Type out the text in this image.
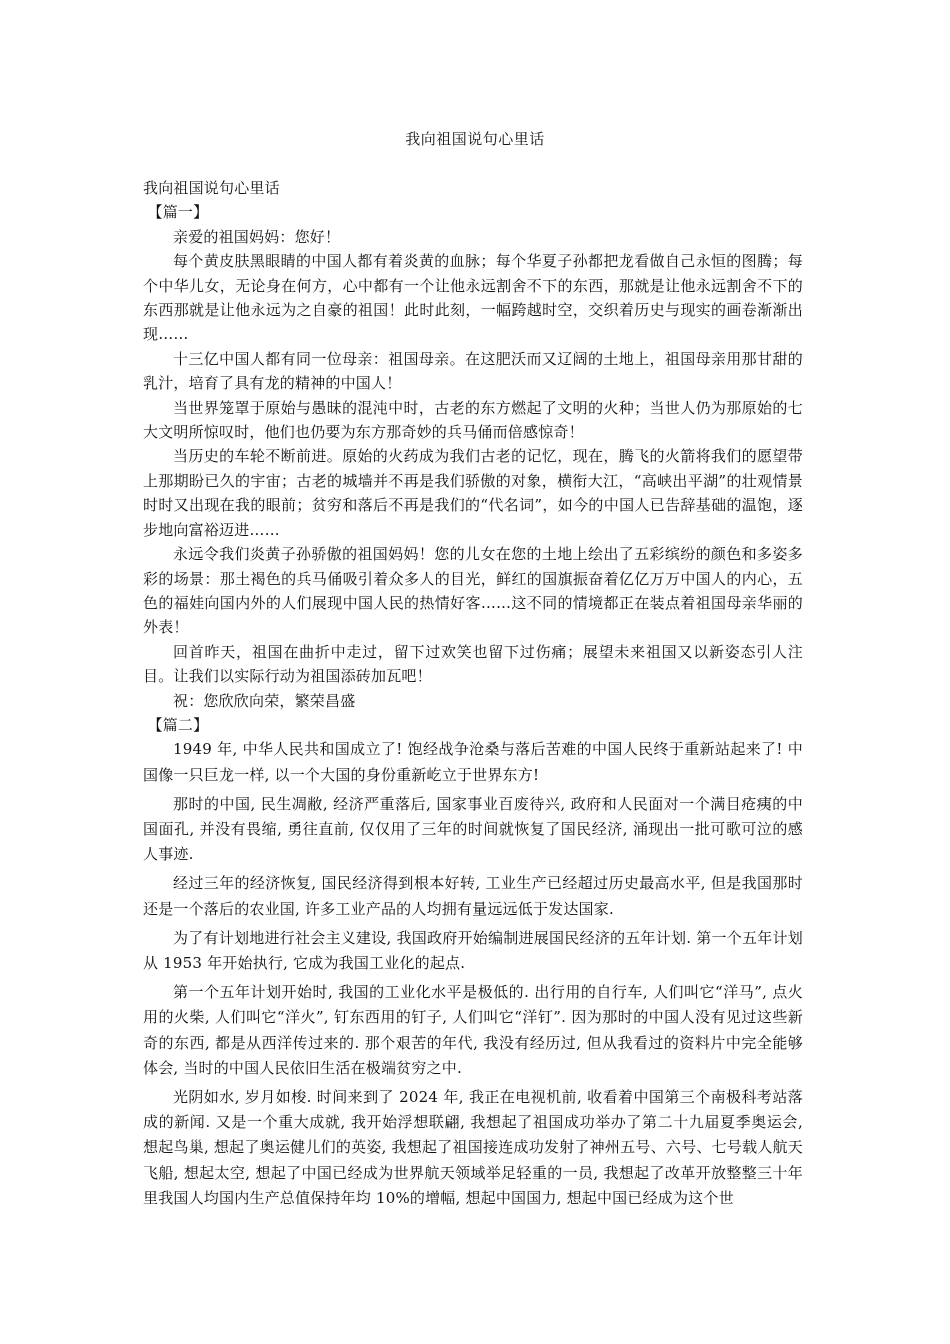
我向祖国说句心里话

我向祖国说句心里话

【篇一】

亲爱的祖国妈妈：您好！

每个黄皮肤黑眼睛的中国人都有着炎黄的血脉；每个华夏子孙都把龙看做自己永恒的图腾；每个中华儿女，无论身在何方，心中都有一个让他永远割舍不下的东西，那就是让他永远割舍不下的东西那就是让他永远为之自豪的祖国！此时此刻，一幅跨越时空，交织着历史与现实的画卷渐渐出现……

十三亿中国人都有同一位母亲：祖国母亲。在这肥沃而又辽阔的土地上，祖国母亲用那甘甜的乳汁，培育了具有龙的精神的中国人！

当世界笼罩于原始与愚昧的混沌中时，古老的东方燃起了文明的火种；当世人仍为那原始的七大文明所惊叹时，他们也仍要为东方那奇妙的兵马俑而倍感惊奇！

当历史的车轮不断前进。原始的火药成为我们古老的记忆，现在，腾飞的火箭将我们的愿望带上那期盼已久的宇宙；古老的城墙并不再是我们骄傲的对象，横衔大江，“高峡出平湖”的壮观情景时时又出现在我的眼前；贫穷和落后不再是我们的“代名词”，如今的中国人已告辞基础的温饱，逐步地向富裕迈进……

永远令我们炎黄子孙骄傲的祖国妈妈！您的儿女在您的土地上绘出了五彩缤纷的颜色和多姿多彩的场景：那土褐色的兵马俑吸引着众多人的目光，鲜红的国旗振奋着亿亿万万中国人的内心，五色的福娃向国内外的人们展现中国人民的热情好客……这不同的情境都正在装点着祖国母亲华丽的外表！

回首昨天，祖国在曲折中走过，留下过欢笑也留下过伤痛；展望未来祖国又以新姿态引人注目。让我们以实际行动为祖国添砖加瓦吧！

祝：您欣欣向荣，繁荣昌盛

【篇二】

1949 年, 中华人民共和国成立了! 饱经战争沧桑与落后苦难的中国人民终于重新站起来了! 中国像一只巨龙一样, 以一个大国的身份重新屹立于世界东方!

那时的中国, 民生凋敝, 经济严重落后, 国家事业百废待兴, 政府和人民面对一个满目疮痍的中国面孔, 并没有畏缩, 勇往直前, 仅仅用了三年的时间就恢复了国民经济, 涌现出一批可歌可泣的感人事迹.

经过三年的经济恢复, 国民经济得到根本好转, 工业生产已经超过历史最高水平, 但是我国那时还是一个落后的农业国, 许多工业产品的人均拥有量远远低于发达国家.

为了有计划地进行社会主义建设, 我国政府开始编制进展国民经济的五年计划. 第一个五年计划从 1953 年开始执行, 它成为我国工业化的起点.

第一个五年计划开始时, 我国的工业化水平是极低的. 出行用的自行车, 人们叫它“洋马”, 点火用的火柴, 人们叫它“洋火”, 钉东西用的钉子, 人们叫它“洋钉”. 因为那时的中国人没有见过这些新奇的东西, 都是从西洋传过来的. 那个艰苦的年代, 我没有经历过, 但从我看过的资料片中完全能够体会, 当时的中国人民依旧生活在极端贫穷之中.

光阴如水, 岁月如梭. 时间来到了 2024 年, 我正在电视机前, 收看着中国第三个南极科考站落成的新闻. 又是一个重大成就, 我开始浮想联翩, 我想起了祖国成功举办了第二十九届夏季奥运会, 想起鸟巢, 想起了奥运健儿们的英姿, 我想起了祖国接连成功发射了神州五号、六号、七号载人航天飞船, 想起太空, 想起了中国已经成为世界航天领域举足轻重的一员, 我想起了改革开放整整三十年里我国人均国内生产总值保持年均 10%的增幅, 想起中国国力, 想起中国已经成为这个世
